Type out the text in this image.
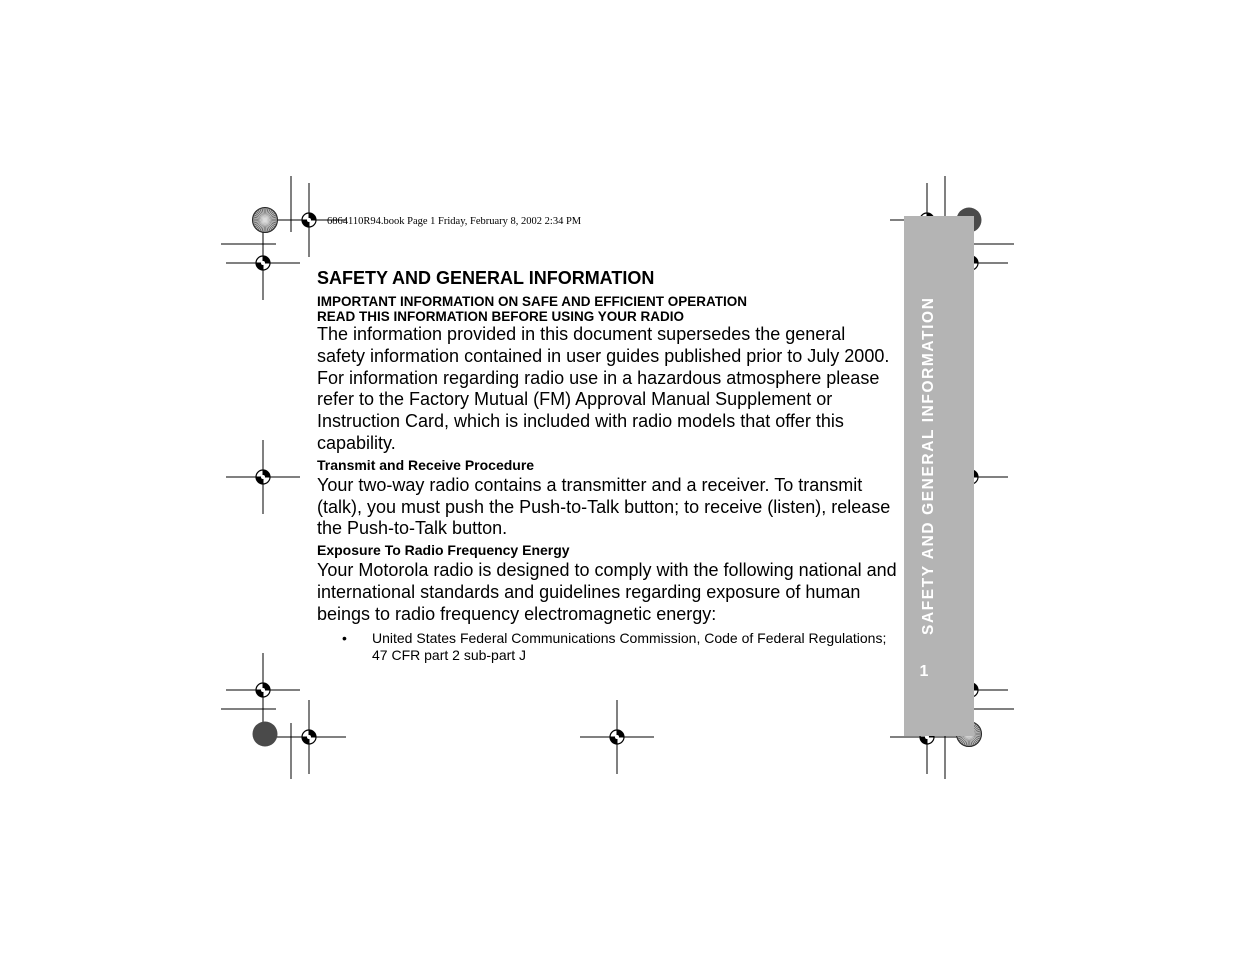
6864110R94.book Page 1 Friday, February 8, 2002 2:34 PM
SAFETY AND GENERAL INFORMATION
1

SAFETY AND GENERAL INFORMATION

IMPORTANT INFORMATION ON SAFE AND EFFICIENT OPERATION

READ THIS INFORMATION BEFORE USING YOUR RADIO

The information provided in this document supersedes the general safety information contained in user guides published prior to July 2000. For information regarding radio use in a hazardous atmosphere please refer to the Factory Mutual (FM) Approval Manual Supplement or Instruction Card, which is included with radio models that offer this capability.

Transmit and Receive Procedure

Your two-way radio contains a transmitter and a receiver. To transmit (talk), you must push the Push-to-Talk button; to receive (listen), release the Push-to-Talk button.

Exposure To Radio Frequency Energy

Your Motorola radio is designed to comply with the following national and international standards and guidelines regarding exposure of human beings to radio frequency electromagnetic energy:

•	United States Federal Communications Commission, Code of Federal Regulations; 47 CFR part 2 sub-part J
